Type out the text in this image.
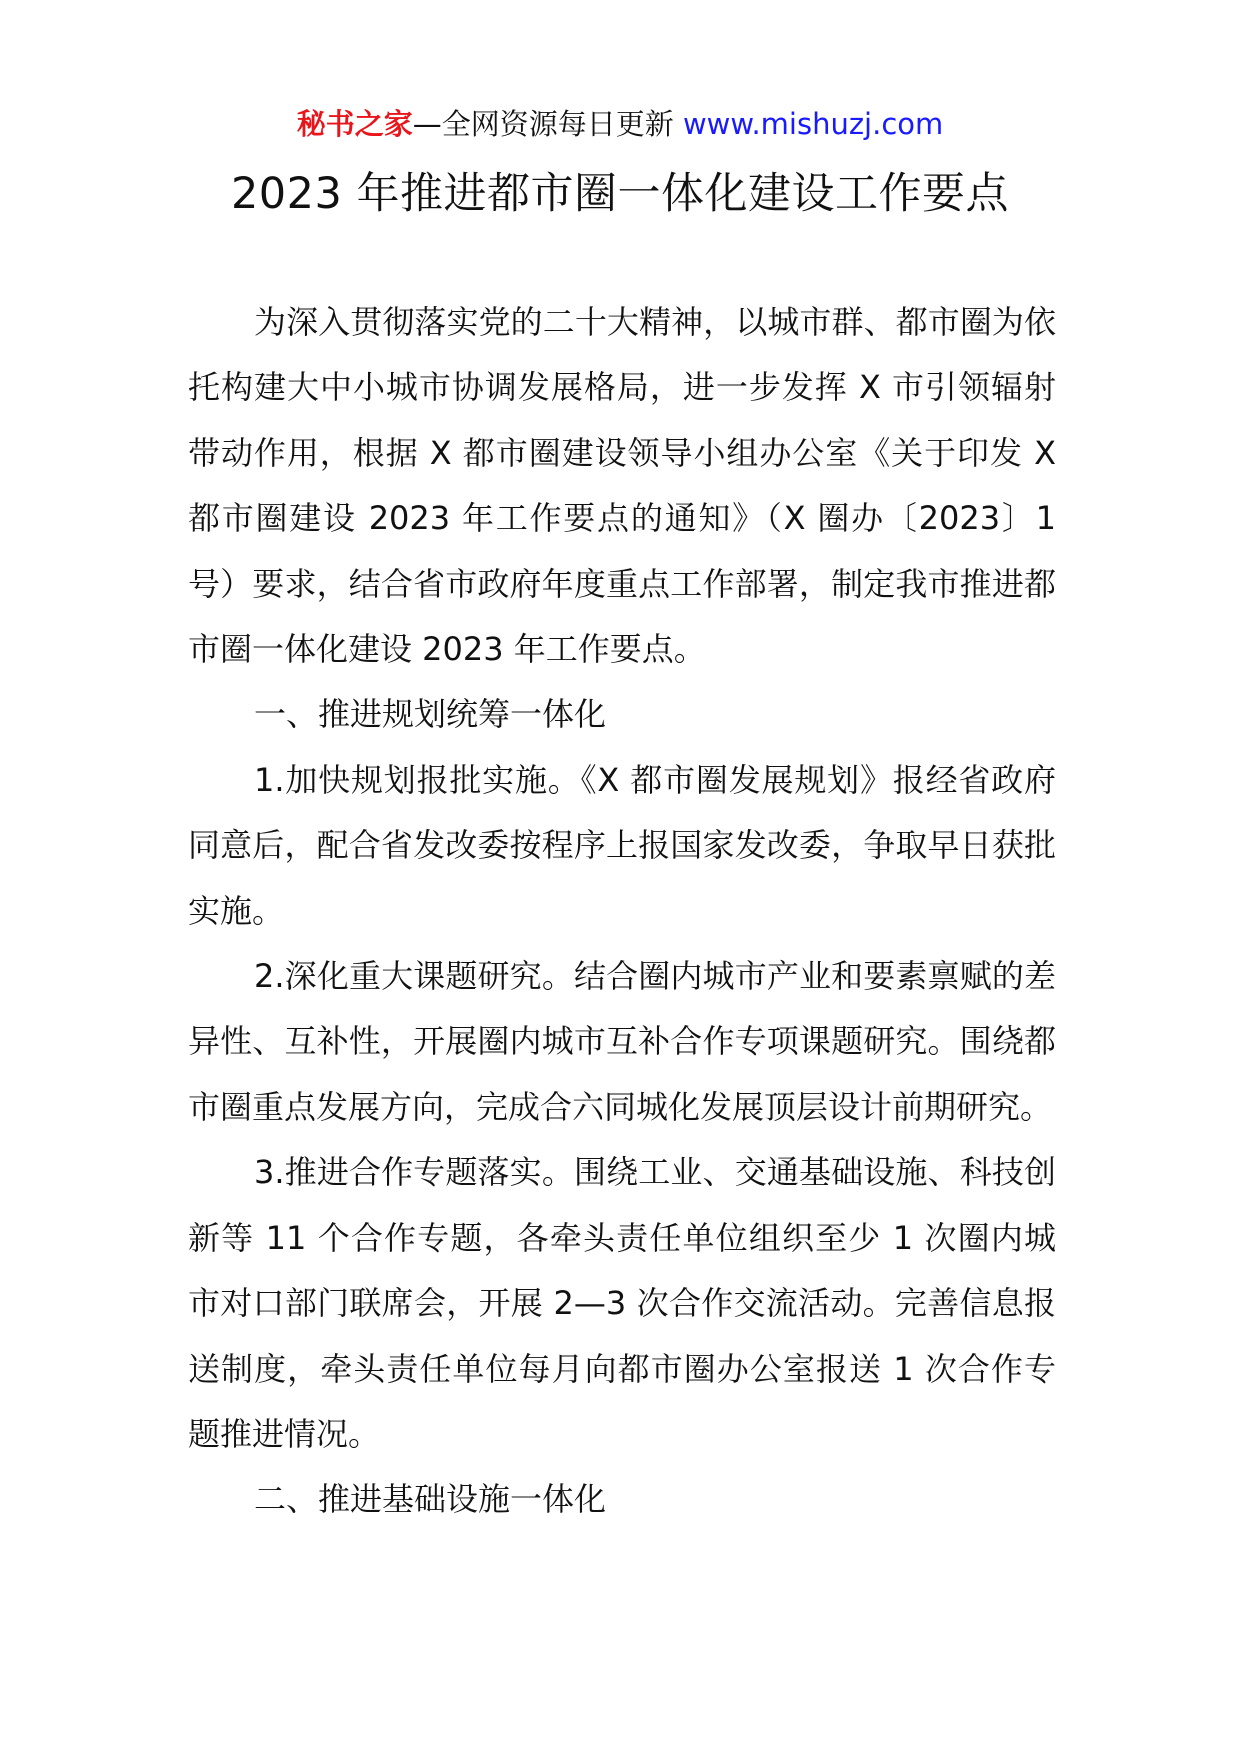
秘书之家—全网资源每日更新 www.mishuzj.com
2023 年推进都市圈一体化建设工作要点

为深入贯彻落实党的二十大精神，以城市群、都市圈为依托构建大中小城市协调发展格局，进一步发挥 X 市引领辐射带动作用，根据 X 都市圈建设领导小组办公室《关于印发 X 都市圈建设 2023 年工作要点的通知》（X 圈办〔2023〕1 号）要求，结合省市政府年度重点工作部署，制定我市推进都市圈一体化建设 2023 年工作要点。

一、推进规划统筹一体化

1.加快规划报批实施。《X 都市圈发展规划》报经省政府同意后，配合省发改委按程序上报国家发改委，争取早日获批实施。

2.深化重大课题研究。结合圈内城市产业和要素禀赋的差异性、互补性，开展圈内城市互补合作专项课题研究。围绕都市圈重点发展方向，完成合六同城化发展顶层设计前期研究。

3.推进合作专题落实。围绕工业、交通基础设施、科技创新等 11 个合作专题，各牵头责任单位组织至少 1 次圈内城市对口部门联席会，开展 2—3 次合作交流活动。完善信息报送制度，牵头责任单位每月向都市圈办公室报送 1 次合作专题推进情况。

二、推进基础设施一体化
